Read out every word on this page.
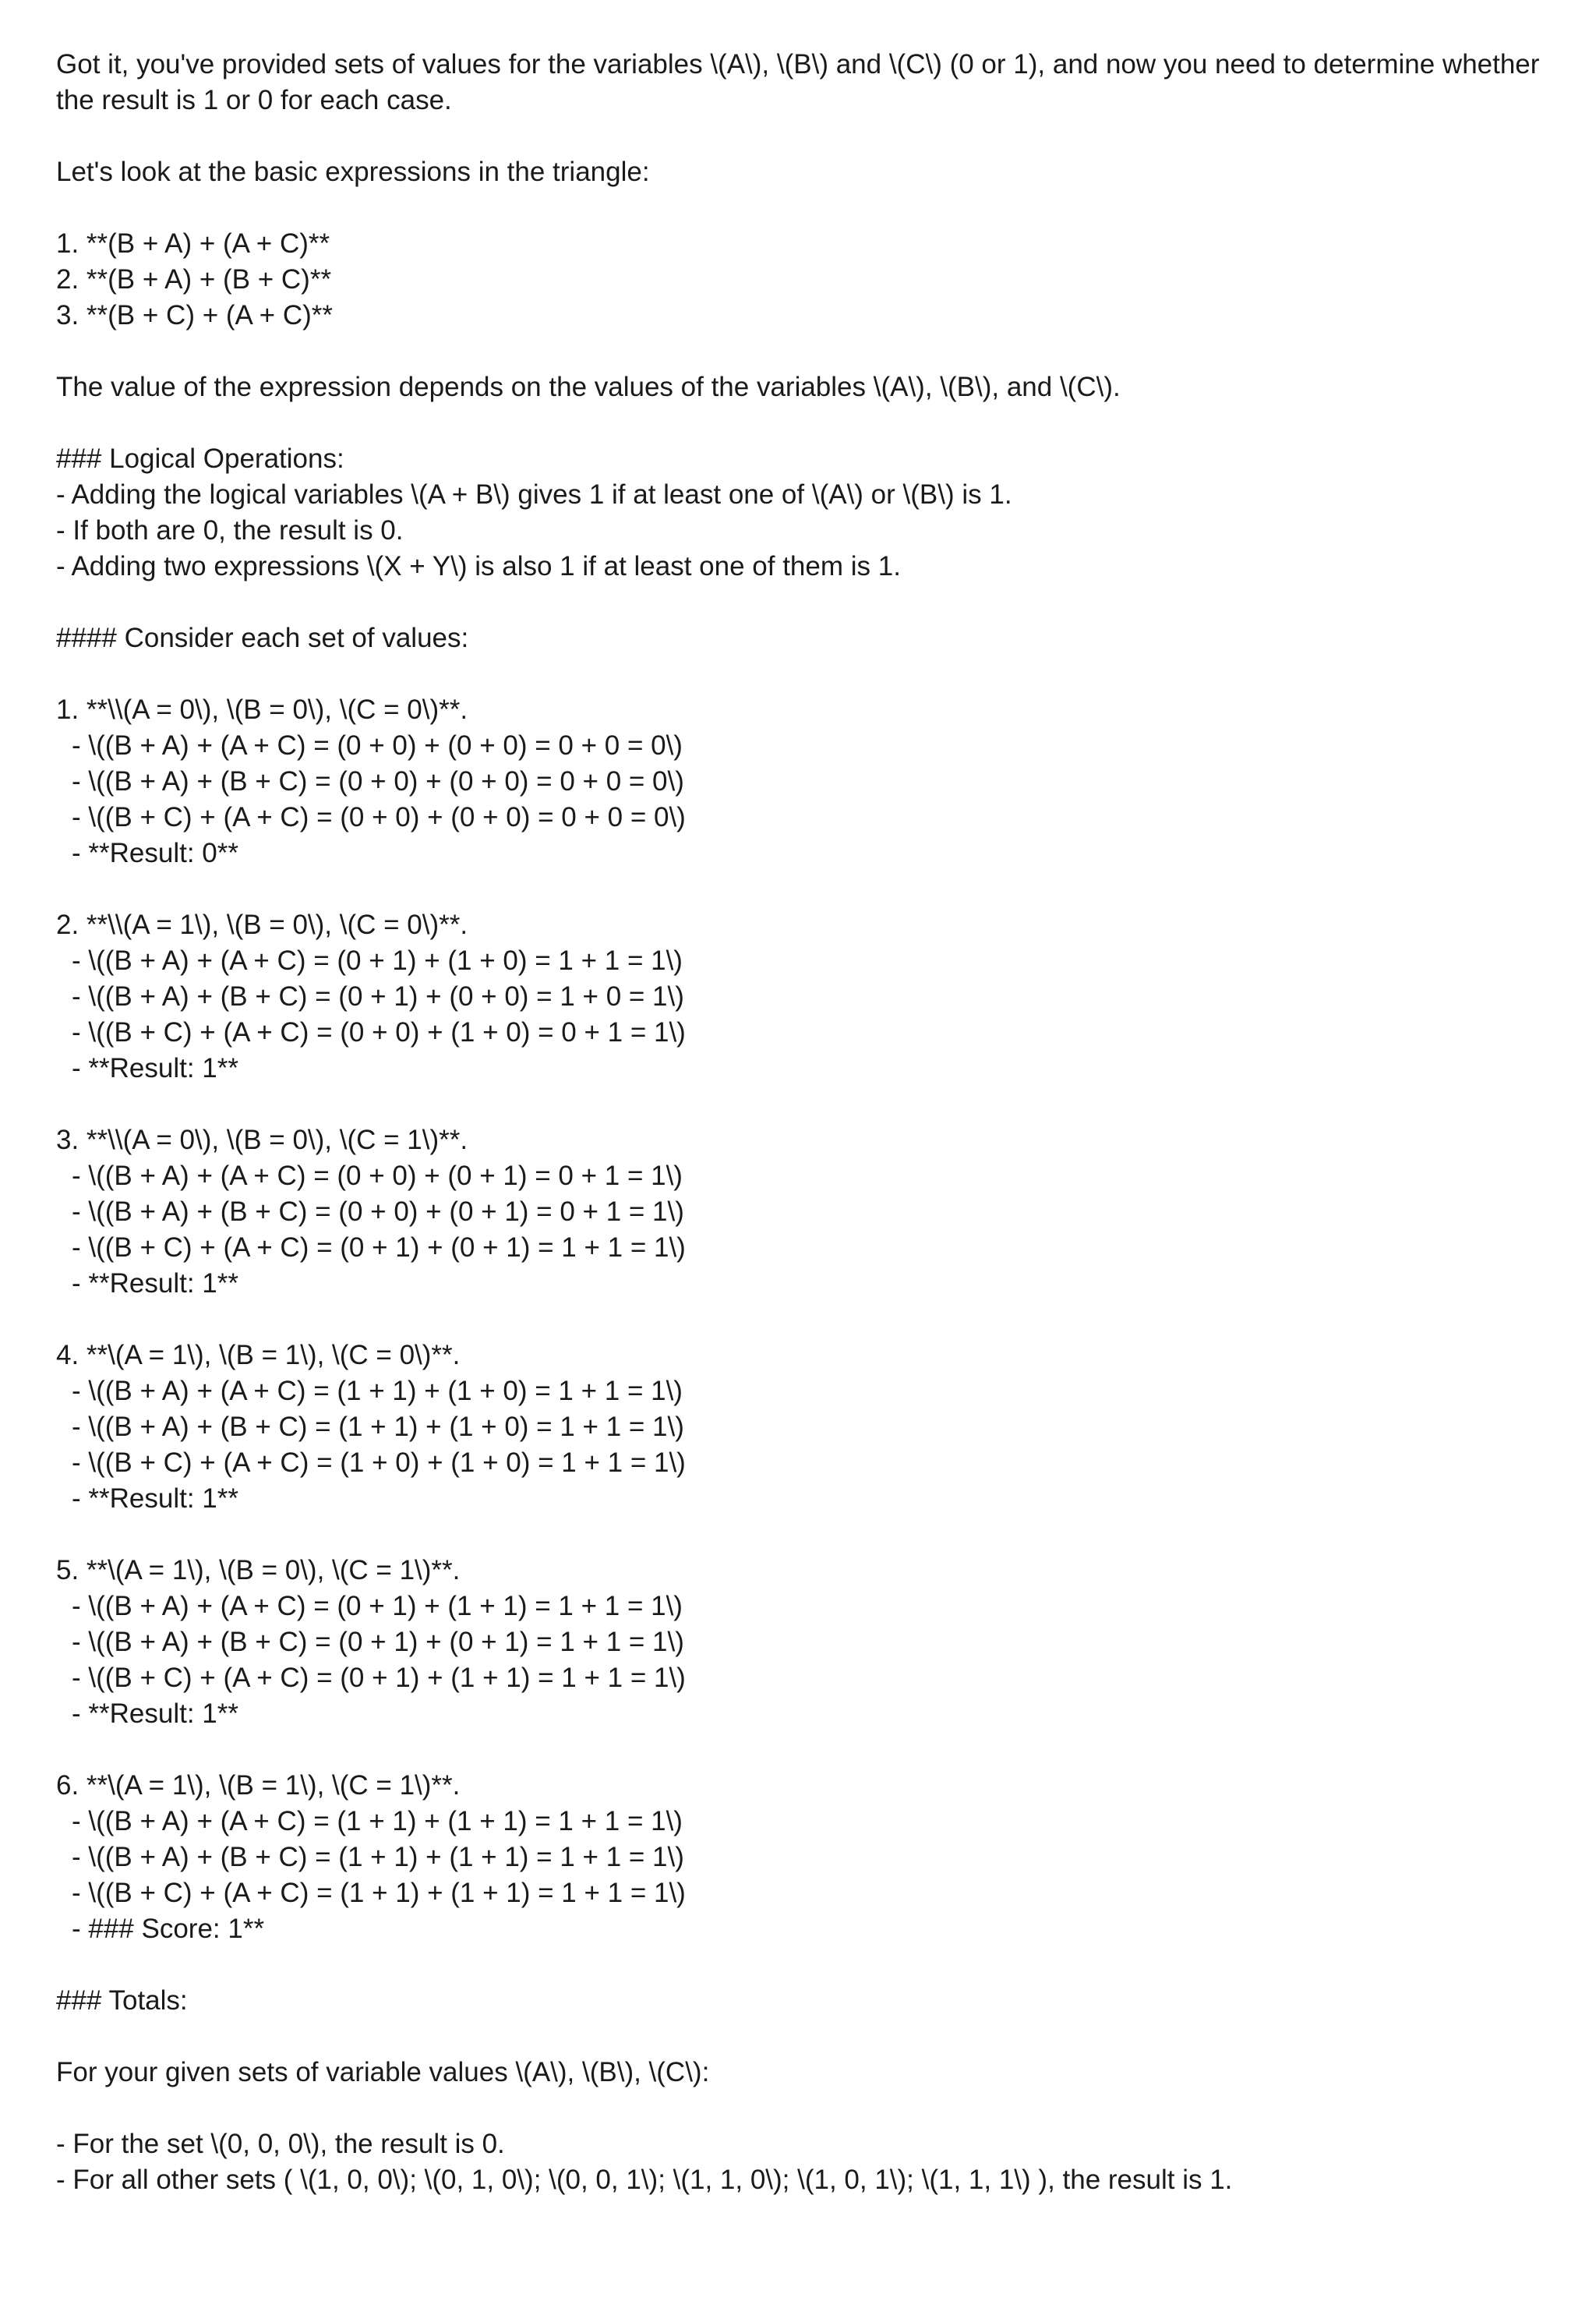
Got it, you've provided sets of values for the variables \(A\), \(B\) and \(C\) (0 or 1), and now you need to determine whether the result is 1 or 0 for each case.
Let's look at the basic expressions in the triangle:
1. **(B + A) + (A + C)**
2. **(B + A) + (B + C)**
3. **(B + C) + (A + C)**
The value of the expression depends on the values of the variables \(A\), \(B\), and \(C\).
### Logical Operations:
- Adding the logical variables \(A + B\) gives 1 if at least one of \(A\) or \(B\) is 1.
- If both are 0, the result is 0.
- Adding two expressions \(X + Y\) is also 1 if at least one of them is 1.
#### Consider each set of values:
1. **\\(A = 0\), \(B = 0\), \(C = 0\)**.
- \((B + A) + (A + C) = (0 + 0) + (0 + 0) = 0 + 0 = 0\)
- \((B + A) + (B + C) = (0 + 0) + (0 + 0) = 0 + 0 = 0\)
- \((B + C) + (A + C) = (0 + 0) + (0 + 0) = 0 + 0 = 0\)
- **Result: 0**
2. **\\(A = 1\), \(B = 0\), \(C = 0\)**.
- \((B + A) + (A + C) = (0 + 1) + (1 + 0) = 1 + 1 = 1\)
- \((B + A) + (B + C) = (0 + 1) + (0 + 0) = 1 + 0 = 1\)
- \((B + C) + (A + C) = (0 + 0) + (1 + 0) = 0 + 1 = 1\)
- **Result: 1**
3. **\\(A = 0\), \(B = 0\), \(C = 1\)**.
- \((B + A) + (A + C) = (0 + 0) + (0 + 1) = 0 + 1 = 1\)
- \((B + A) + (B + C) = (0 + 0) + (0 + 1) = 0 + 1 = 1\)
- \((B + C) + (A + C) = (0 + 1) + (0 + 1) = 1 + 1 = 1\)
- **Result: 1**
4. **\(A = 1\), \(B = 1\), \(C = 0\)**.
- \((B + A) + (A + C) = (1 + 1) + (1 + 0) = 1 + 1 = 1\)
- \((B + A) + (B + C) = (1 + 1) + (1 + 0) = 1 + 1 = 1\)
- \((B + C) + (A + C) = (1 + 0) + (1 + 0) = 1 + 1 = 1\)
- **Result: 1**
5. **\(A = 1\), \(B = 0\), \(C = 1\)**.
- \((B + A) + (A + C) = (0 + 1) + (1 + 1) = 1 + 1 = 1\)
- \((B + A) + (B + C) = (0 + 1) + (0 + 1) = 1 + 1 = 1\)
- \((B + C) + (A + C) = (0 + 1) + (1 + 1) = 1 + 1 = 1\)
- **Result: 1**
6. **\(A = 1\), \(B = 1\), \(C = 1\)**.
- \((B + A) + (A + C) = (1 + 1) + (1 + 1) = 1 + 1 = 1\)
- \((B + A) + (B + C) = (1 + 1) + (1 + 1) = 1 + 1 = 1\)
- \((B + C) + (A + C) = (1 + 1) + (1 + 1) = 1 + 1 = 1\)
- ### Score: 1**
### Totals:
For your given sets of variable values \(A\), \(B\), \(C\):
- For the set \(0, 0, 0\), the result is 0.
- For all other sets ( \(1, 0, 0\); \(0, 1, 0\); \(0, 0, 1\); \(1, 1, 0\); \(1, 0, 1\); \(1, 1, 1\) ), the result is 1.
